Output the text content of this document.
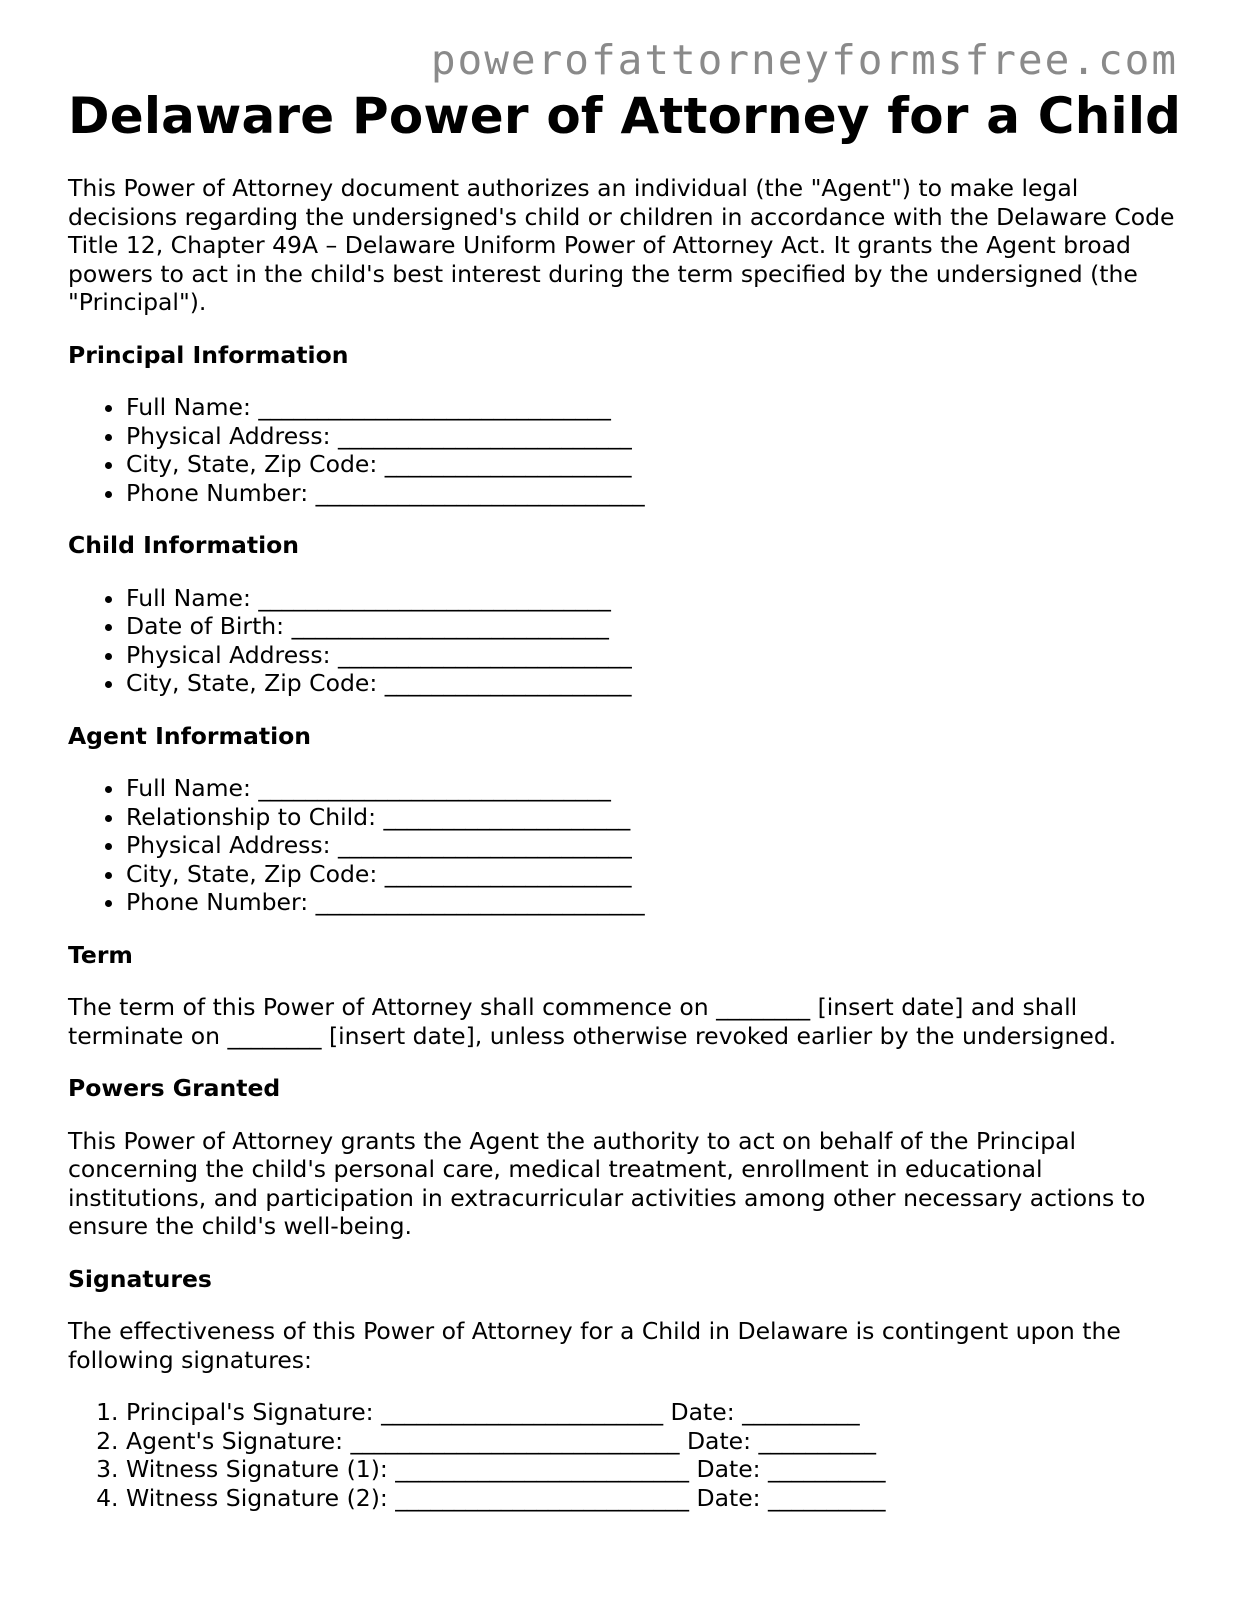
powerofattorneyformsfree.com
Delaware Power of Attorney for a Child

This Power of Attorney document authorizes an individual (the "Agent") to make legal decisions regarding the undersigned's child or children in accordance with the Delaware Code Title 12, Chapter 49A – Delaware Uniform Power of Attorney Act. It grants the Agent broad powers to act in the child's best interest during the term specified by the undersigned (the "Principal").

Principal Information
• Full Name: ______________________________
• Physical Address: _________________________
• City, State, Zip Code: _____________________
• Phone Number: ____________________________
Child Information
• Full Name: ______________________________
• Date of Birth: ___________________________
• Physical Address: _________________________
• City, State, Zip Code: _____________________
Agent Information
• Full Name: ______________________________
• Relationship to Child: _____________________
• Physical Address: _________________________
• City, State, Zip Code: _____________________
• Phone Number: ____________________________
Term

The term of this Power of Attorney shall commence on ________ [insert date] and shall terminate on ________ [insert date], unless otherwise revoked earlier by the undersigned.

Powers Granted

This Power of Attorney grants the Agent the authority to act on behalf of the Principal concerning the child's personal care, medical treatment, enrollment in educational institutions, and participation in extracurricular activities among other necessary actions to ensure the child's well-being.

Signatures

The effectiveness of this Power of Attorney for a Child in Delaware is contingent upon the following signatures:

1. Principal's Signature: ________________________ Date: __________
2. Agent's Signature: ____________________________ Date: __________
3. Witness Signature (1): _________________________ Date: __________
4. Witness Signature (2): _________________________ Date: __________
